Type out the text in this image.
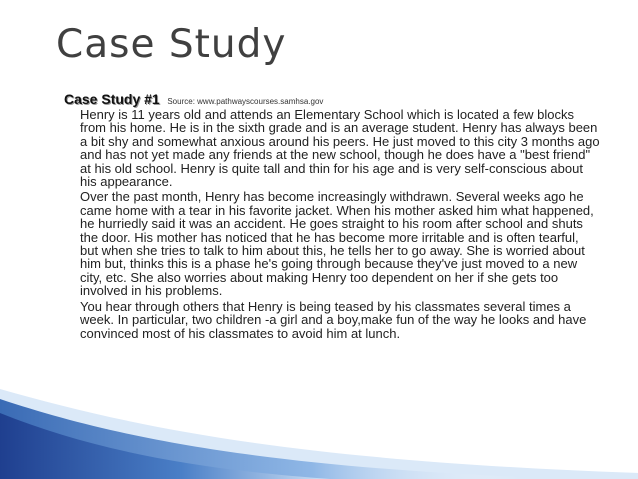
Case Study
Case Study #1 Source: www.pathwayscourses.samhsa.gov

Henry is 11 years old and attends an Elementary School which is located a few blocks from his home. He is in the sixth grade and is an average student. Henry has always been a bit shy and somewhat anxious around his peers. He just moved to this city 3 months ago and has not yet made any friends at the new school, though he does have a "best friend" at his old school. Henry is quite tall and thin for his age and is very self-conscious about his appearance.

Over the past month, Henry has become increasingly withdrawn. Several weeks ago he came home with a tear in his favorite jacket. When his mother asked him what happened, he hurriedly said it was an accident. He goes straight to his room after school and shuts the door. His mother has noticed that he has become more irritable and is often tearful, but when she tries to talk to him about this, he tells her to go away. She is worried about him but, thinks this is a phase he's going through because they've just moved to a new city, etc. She also worries about making Henry too dependent on her if she gets too involved in his problems.

You hear through others that Henry is being teased by his classmates several times a week. In particular, two children -a girl and a boy,make fun of the way he looks and have convinced most of his classmates to avoid him at lunch.
